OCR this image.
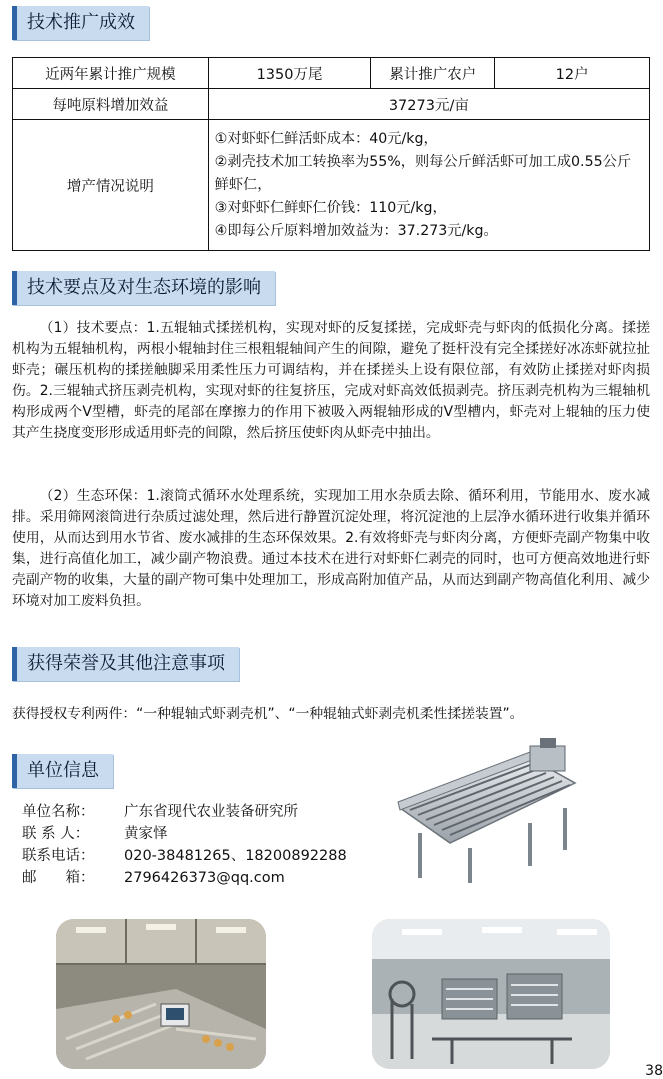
技术推广成效
近两年累计推广规模	1350万尾	累计推广农户	12户
每吨原料增加效益	37273元/亩		
增产情况说明	①对虾虾仁鲜活虾成本：40元/kg，
②剥壳技术加工转换率为55%，则每公斤鲜活虾可加工成0.55公斤鲜虾仁，
③对虾虾仁鲜虾仁价钱：110元/kg，
④即每公斤原料增加效益为：37.273元/kg。		
技术要点及对生态环境的影响

（1）技术要点：1.五辊轴式揉搓机构，实现对虾的反复揉搓，完成虾壳与虾肉的低损化分离。揉搓机构为五辊轴机构，两根小辊轴封住三根粗辊轴间产生的间隙，避免了挺杆没有完全揉搓好冰冻虾就拉扯虾壳；碾压机构的揉搓触脚采用柔性压力可调结构，并在揉搓头上设有限位部，有效防止揉搓对虾肉损伤。2.三辊轴式挤压剥壳机构，实现对虾的往复挤压，完成对虾高效低损剥壳。挤压剥壳机构为三辊轴机构形成两个V型槽，虾壳的尾部在摩擦力的作用下被吸入两辊轴形成的V型槽内，虾壳对上辊轴的压力使其产生挠度变形形成适用虾壳的间隙，然后挤压使虾肉从虾壳中抽出。

（2）生态环保：1.滚筒式循环水处理系统，实现加工用水杂质去除、循环利用，节能用水、废水减排。采用筛网滚筒进行杂质过滤处理，然后进行静置沉淀处理，将沉淀池的上层净水循环进行收集并循环使用，从而达到用水节省、废水减排的生态环保效果。2.有效将虾壳与虾肉分离，方便虾壳副产物集中收集，进行高值化加工，减少副产物浪费。通过本技术在进行对虾虾仁剥壳的同时，也可方便高效地进行虾壳副产物的收集，大量的副产物可集中处理加工，形成高附加值产品，从而达到副产物高值化利用、减少环境对加工废料负担。

获得荣誉及其他注意事项

获得授权专利两件：“一种辊轴式虾剥壳机”、“一种辊轴式虾剥壳机柔性揉搓装置”。

单位信息
单位名称： 广东省现代农业装备研究所
联 系 人： 黄家怿
联系电话： 020-38481265、18200892288
邮　　箱： 2796426373@qq.com
38
